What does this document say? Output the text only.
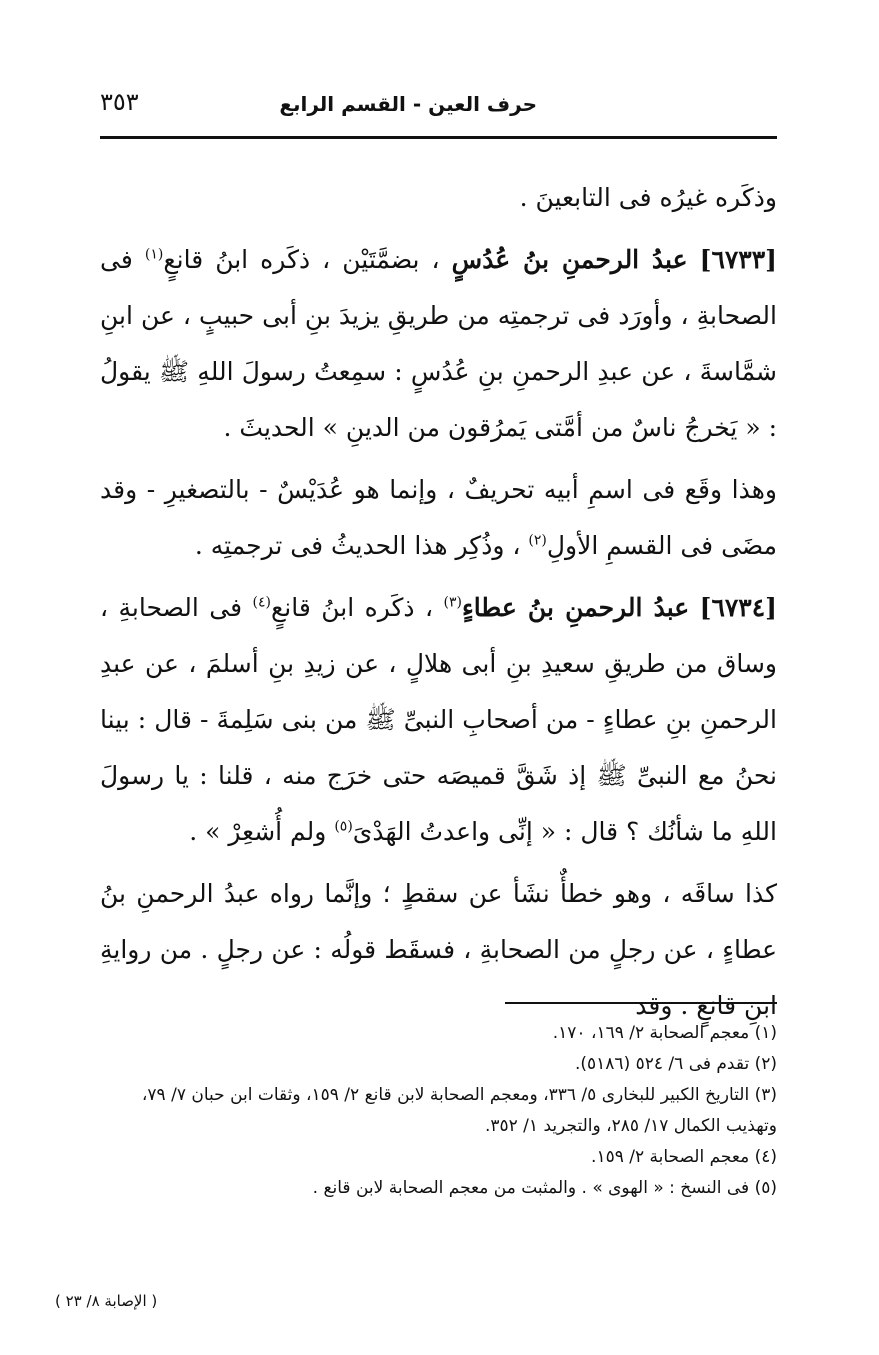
حرف العين - القسم الرابع
٣٥٣

وذكَره غيرُه فى التابعينَ .

[٦٧٣٣] عبدُ الرحمنِ بنُ عُدُسٍ ، بضمَّتَيْن ، ذكَره ابنُ قانعٍ$^{(١)}$ فى الصحابةِ ، وأورَد فى ترجمتِه من طريقِ يزيدَ بنِ أبى حبيبٍ ، عن ابنِ شمَّاسةَ ، عن عبدِ الرحمنِ بنِ عُدُسٍ : سمِعتُ رسولَ اللهِ ﷺ يقولُ : « يَخرجُ ناسٌ من أمَّتى يَمرُقون من الدينِ » الحديثَ .

وهذا وقَع فى اسمِ أبيه تحريفٌ ، وإنما هو عُدَيْسٌ - بالتصغيرِ - وقد مضَى فى القسمِ الأولِ$^{(٢)}$ ، وذُكِر هذا الحديثُ فى ترجمتِه .

[٦٧٣٤] عبدُ الرحمنِ بنُ عطاءٍ$^{(٣)}$ ، ذكَره ابنُ قانعٍ$^{(٤)}$ فى الصحابةِ ، وساق من طريقِ سعيدِ بنِ أبى هلالٍ ، عن زيدِ بنِ أسلمَ ، عن عبدِ الرحمنِ بنِ عطاءٍ - من أصحابِ النبىِّ ﷺ من بنى سَلِمةَ - قال : بينا نحنُ مع النبىِّ ﷺ إذ شَقَّ قميصَه حتى خرَج منه ، قلنا : يا رسولَ اللهِ ما شأنُك ؟ قال : « إنِّى واعدتُ الهَدْىَ$^{(٥)}$ ولم أُشعِرْ » .

كذا ساقَه ، وهو خطأٌ نشَأ عن سقطٍ ؛ وإنَّما رواه عبدُ الرحمنِ بنُ عطاءٍ ، عن رجلٍ من الصحابةِ ، فسقَط قولُه : عن رجلٍ . من روايةِ ابنِ قانعٍ . وقد

(١) معجم الصحابة ٢/ ١٦٩، ١٧٠.
(٢) تقدم فى ٦/ ٥٢٤ (٥١٨٦).
(٣) التاريخ الكبير للبخارى ٥/ ٣٣٦، ومعجم الصحابة لابن قانع ٢/ ١٥٩، وثقات ابن حبان ٧/ ٧٩، وتهذيب الكمال ١٧/ ٢٨٥، والتجريد ١/ ٣٥٢.
(٤) معجم الصحابة ٢/ ١٥٩.
(٥) فى النسخ : « الهوى » . والمثبت من معجم الصحابة لابن قانع .
( الإصابة ٨/ ٢٣ )
